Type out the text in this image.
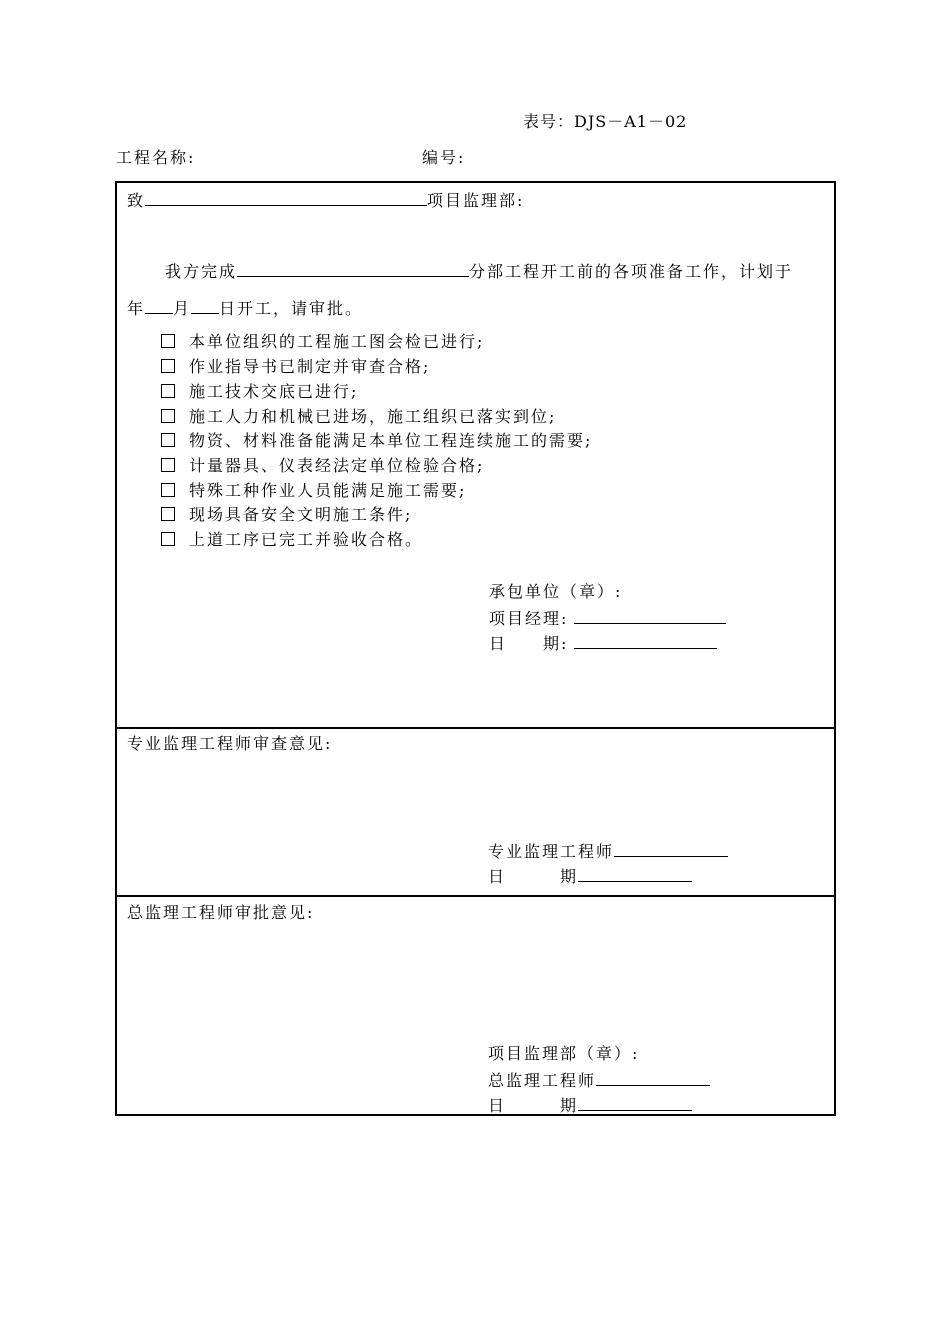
表号：DJS－A1－02
工程名称:	编号:
致	项目监理部:
我方完成	分部工程开工前的各项准备工作，计划于
年 月 日开工，请审批。
本单位组织的工程施工图会检已进行;
作业指导书已制定并审查合格;
施工技术交底已进行;
施工人力和机械已进场，施工组织已落实到位;
物资、材料准备能满足本单位工程连续施工的需要;
计量器具、仪表经法定单位检验合格;
特殊工种作业人员能满足施工需要;
现场具备安全文明施工条件;
上道工序已完工并验收合格。
承包单位（章）:
项目经理:
日　　期:
专业监理工程师审查意见:
专业监理工程师
日　　　期
总监理工程师审批意见:
项目监理部（章）:
总监理工程师
日　　　期
